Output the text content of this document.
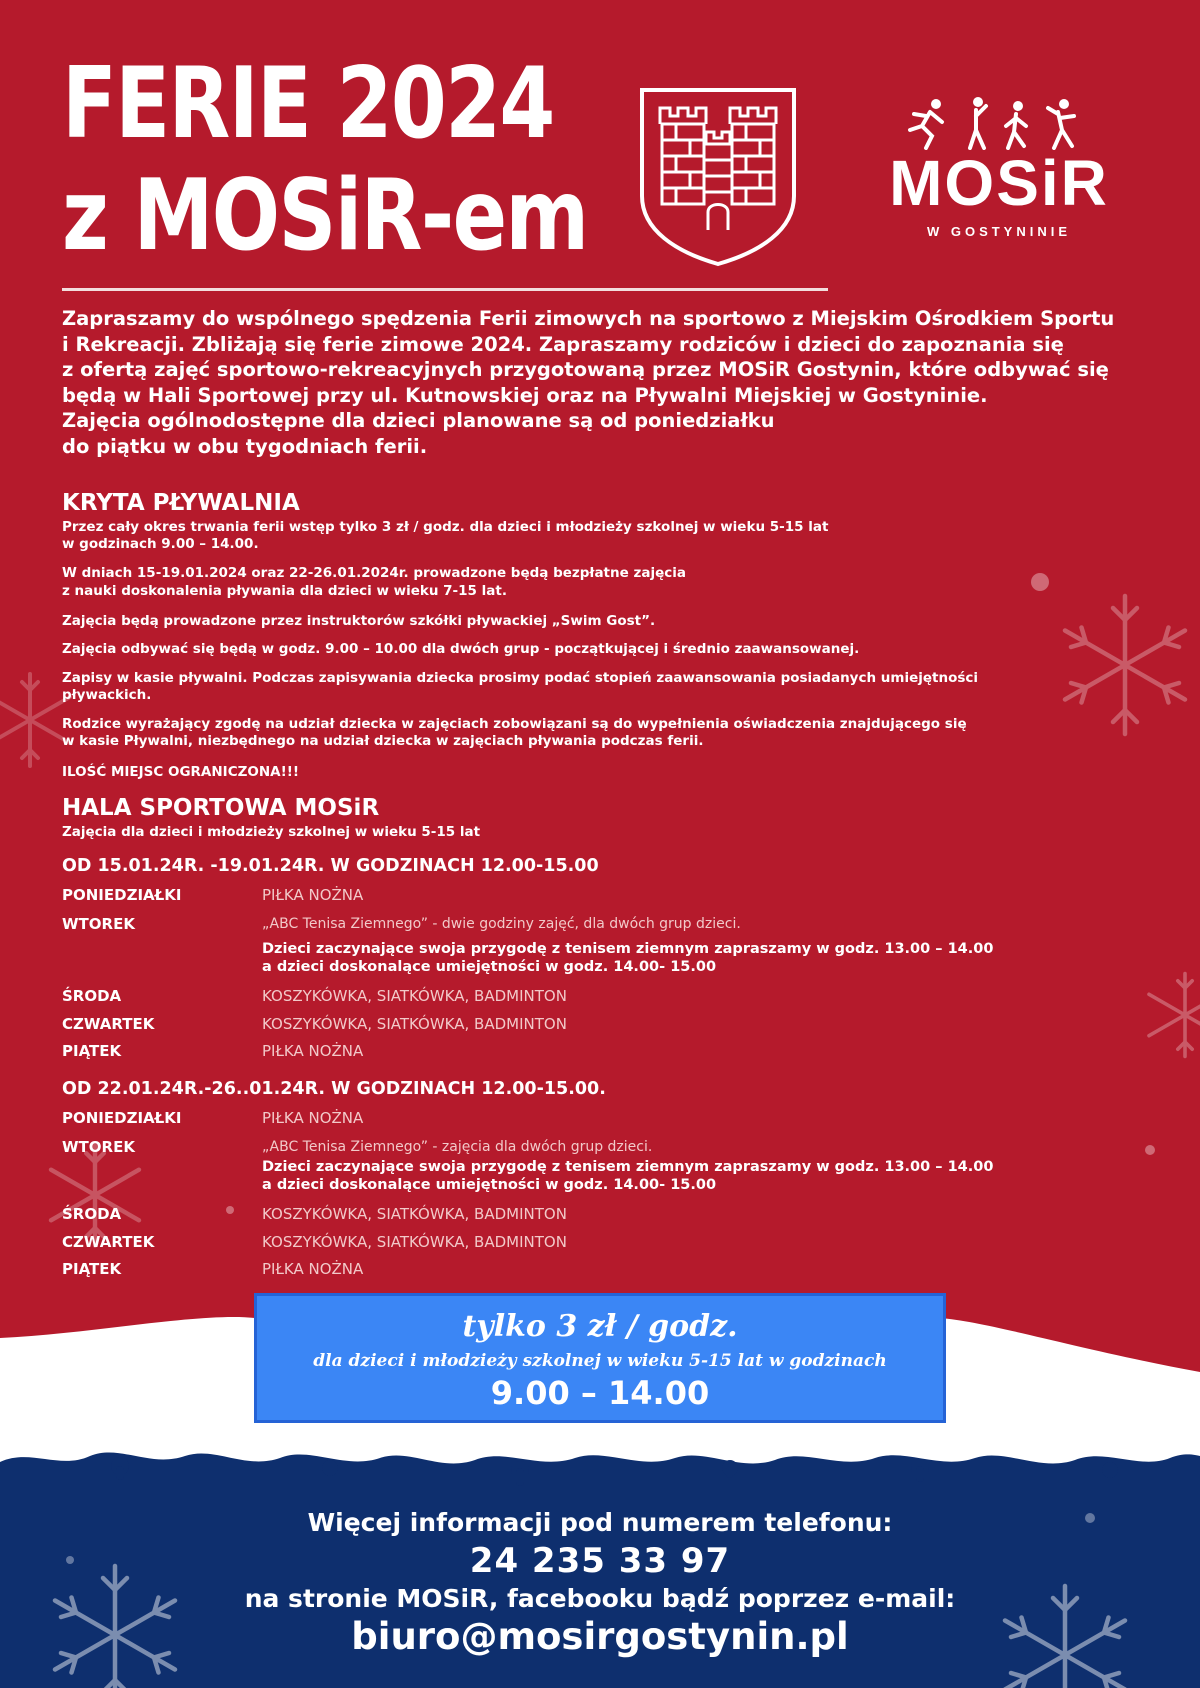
FERIE 2024
z MOSiR-em	MOSiR
W GOSTYNINIE

Zapraszamy do wspólnego spędzenia Ferii zimowych na sportowo z Miejskim Ośrodkiem Sportu
i Rekreacji. Zbliżają się ferie zimowe 2024. Zapraszamy rodziców i dzieci do zapoznania się
z ofertą zajęć sportowo-rekreacyjnych przygotowaną przez MOSiR Gostynin, które odbywać się
będą w Hali Sportowej przy ul. Kutnowskiej oraz na Pływalni Miejskiej w Gostyninie.
Zajęcia ogólnodostępne dla dzieci planowane są od poniedziałku
do piątku w obu tygodniach ferii.

KRYTA PŁYWALNIA
Przez cały okres trwania ferii wstęp tylko 3 zł / godz. dla dzieci i młodzieży szkolnej w wieku 5-15 lat
w godzinach 9.00 – 14.00.
W dniach 15-19.01.2024 oraz 22-26.01.2024r. prowadzone będą bezpłatne zajęcia
z nauki doskonalenia pływania dla dzieci w wieku 7-15 lat.
Zajęcia będą prowadzone przez instruktorów szkółki pływackiej „Swim Gost”.
Zajęcia odbywać się będą w godz. 9.00 – 10.00 dla dwóch grup - początkującej i średnio zaawansowanej.
Zapisy w kasie pływalni. Podczas zapisywania dziecka prosimy podać stopień zaawansowania posiadanych umiejętności
pływackich.
Rodzice wyrażający zgodę na udział dziecka w zajęciach zobowiązani są do wypełnienia oświadczenia znajdującego się
w kasie Pływalni, niezbędnego na udział dziecka w zajęciach pływania podczas ferii.
ILOŚĆ MIEJSC OGRANICZONA!!!
HALA SPORTOWA MOSiR
Zajęcia dla dzieci i młodzieży szkolnej w wieku 5-15 lat
OD 15.01.24R. -19.01.24R. W GODZINACH 12.00-15.00
PONIEDZIAŁKI	PIŁKA NOŻNA
WTOREK	„ABC Tenisa Ziemnego” - dwie godziny zajęć, dla dwóch grup dzieci.
Dzieci zaczynające swoja przygodę z tenisem ziemnym zapraszamy w godz. 13.00 – 14.00
a dzieci doskonalące umiejętności w godz. 14.00- 15.00
ŚRODA	KOSZYKÓWKA, SIATKÓWKA, BADMINTON
CZWARTEK	KOSZYKÓWKA, SIATKÓWKA, BADMINTON
PIĄTEK	PIŁKA NOŻNA
OD 22.01.24R.-26..01.24R. W GODZINACH 12.00-15.00.
PONIEDZIAŁKI	PIŁKA NOŻNA
WTOREK	„ABC Tenisa Ziemnego” - zajęcia dla dwóch grup dzieci.
Dzieci zaczynające swoja przygodę z tenisem ziemnym zapraszamy w godz. 13.00 – 14.00
a dzieci doskonalące umiejętności w godz. 14.00- 15.00
ŚRODA	KOSZYKÓWKA, SIATKÓWKA, BADMINTON
CZWARTEK	KOSZYKÓWKA, SIATKÓWKA, BADMINTON
PIĄTEK	PIŁKA NOŻNA
tylko 3 zł / godz.
dla dzieci i młodzieży szkolnej w wieku 5-15 lat w godzinach
9.00 – 14.00
Więcej informacji pod numerem telefonu:
24 235 33 97
na stronie MOSiR, facebooku bądź poprzez e-mail:
biuro@mosirgostynin.pl
